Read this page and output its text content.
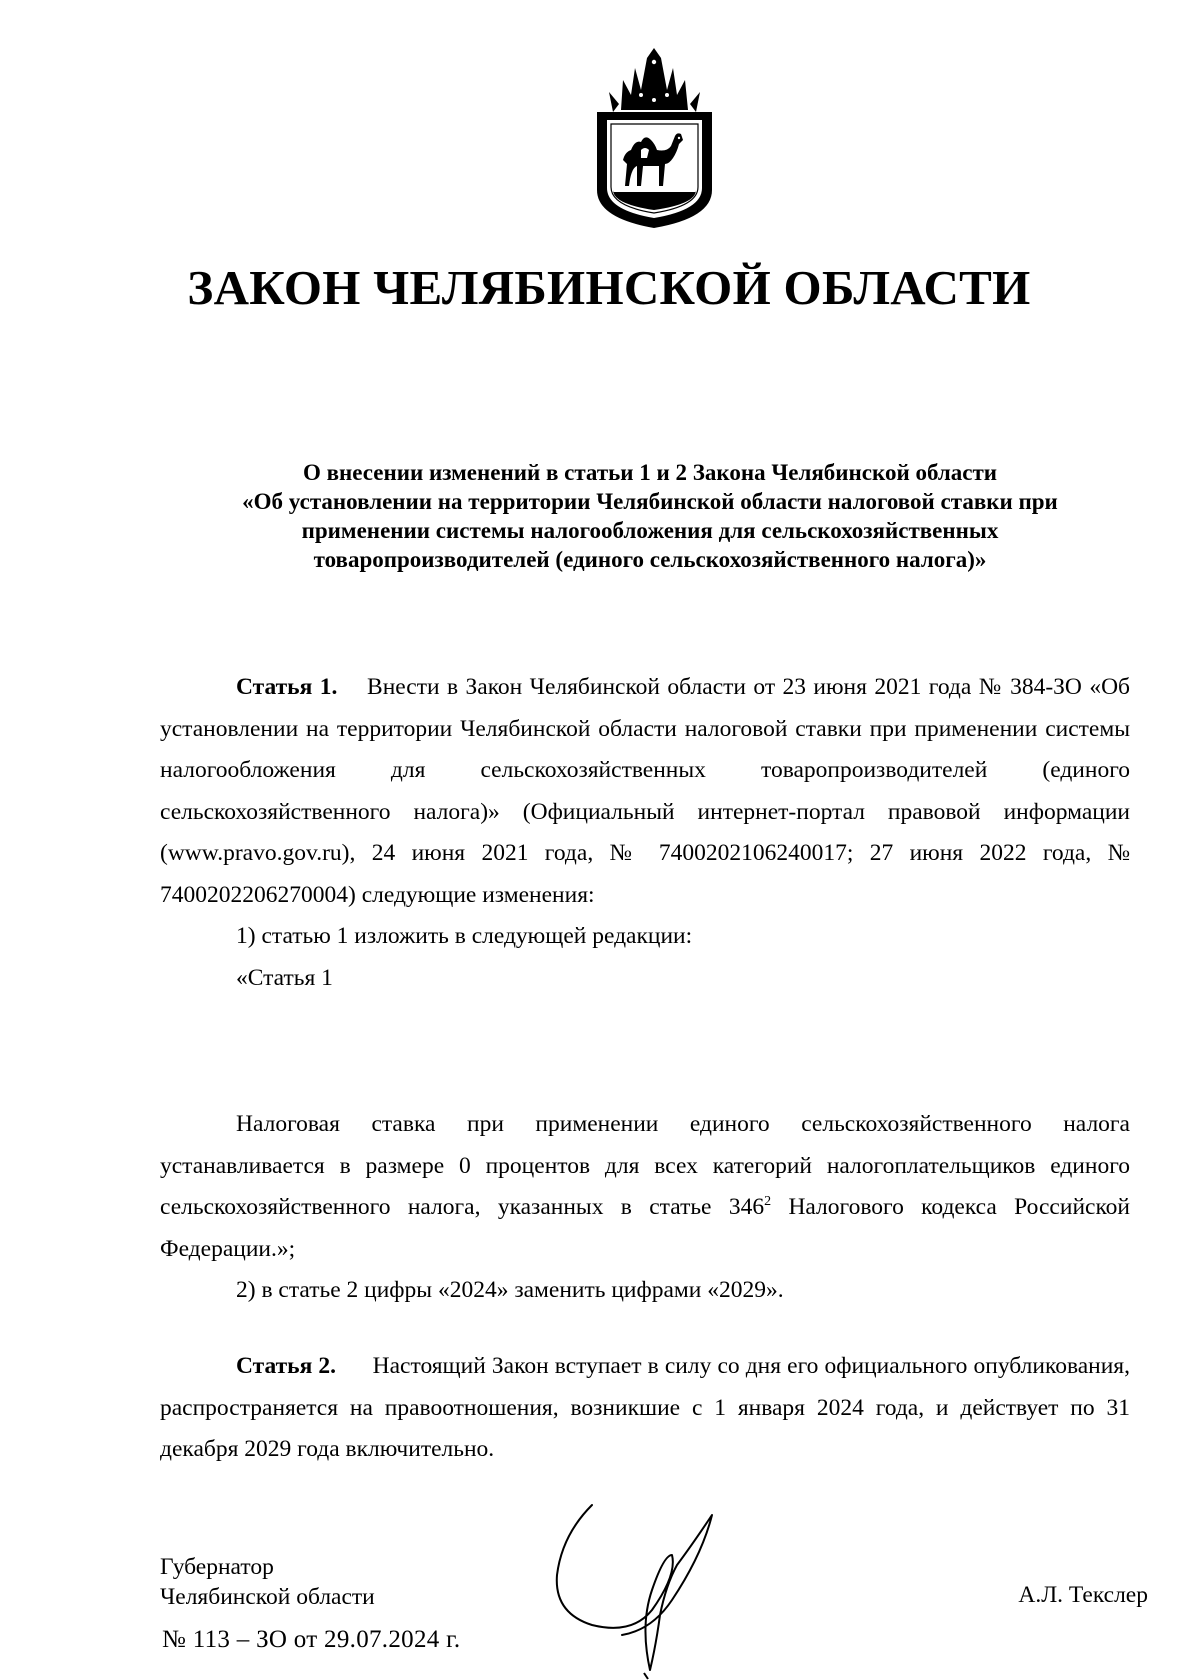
ЗАКОН ЧЕЛЯБИНСКОЙ ОБЛАСТИ
О внесении изменений в статьи 1 и 2 Закона Челябинской области
«Об установлении на территории Челябинской области налоговой ставки при
применении системы налогообложения для сельскохозяйственных
товаропроизводителей (единого сельскохозяйственного налога)»

Статья 1. Внести в Закон Челябинской области от 23 июня 2021 года № 384-ЗО «Об установлении на территории Челябинской области налоговой ставки при применении системы налогообложения для сельскохозяйственных товаропроизводителей (единого сельскохозяйственного налога)» (Официальный интернет-портал правовой информации (www.pravo.gov.ru), 24 июня 2021 года, № 7400202106240017; 27 июня 2022 года, № 7400202206270004) следующие изменения:

1) статью 1 изложить в следующей редакции:

«Статья 1

Налоговая ставка при применении единого сельскохозяйственного налога устанавливается в размере 0 процентов для всех категорий налогоплательщиков единого сельскохозяйственного налога, указанных в статье $346^2$ Налогового кодекса Российской Федерации.»;

2) в статье 2 цифры «2024» заменить цифрами «2029».

Статья 2. Настоящий Закон вступает в силу со дня его официального опубликования, распространяется на правоотношения, возникшие с 1 января 2024 года, и действует по 31 декабря 2029 года включительно.

Губернатор
Челябинской области	А.Л. Текслер
№ 113 – ЗО от 29.07.2024 г.
